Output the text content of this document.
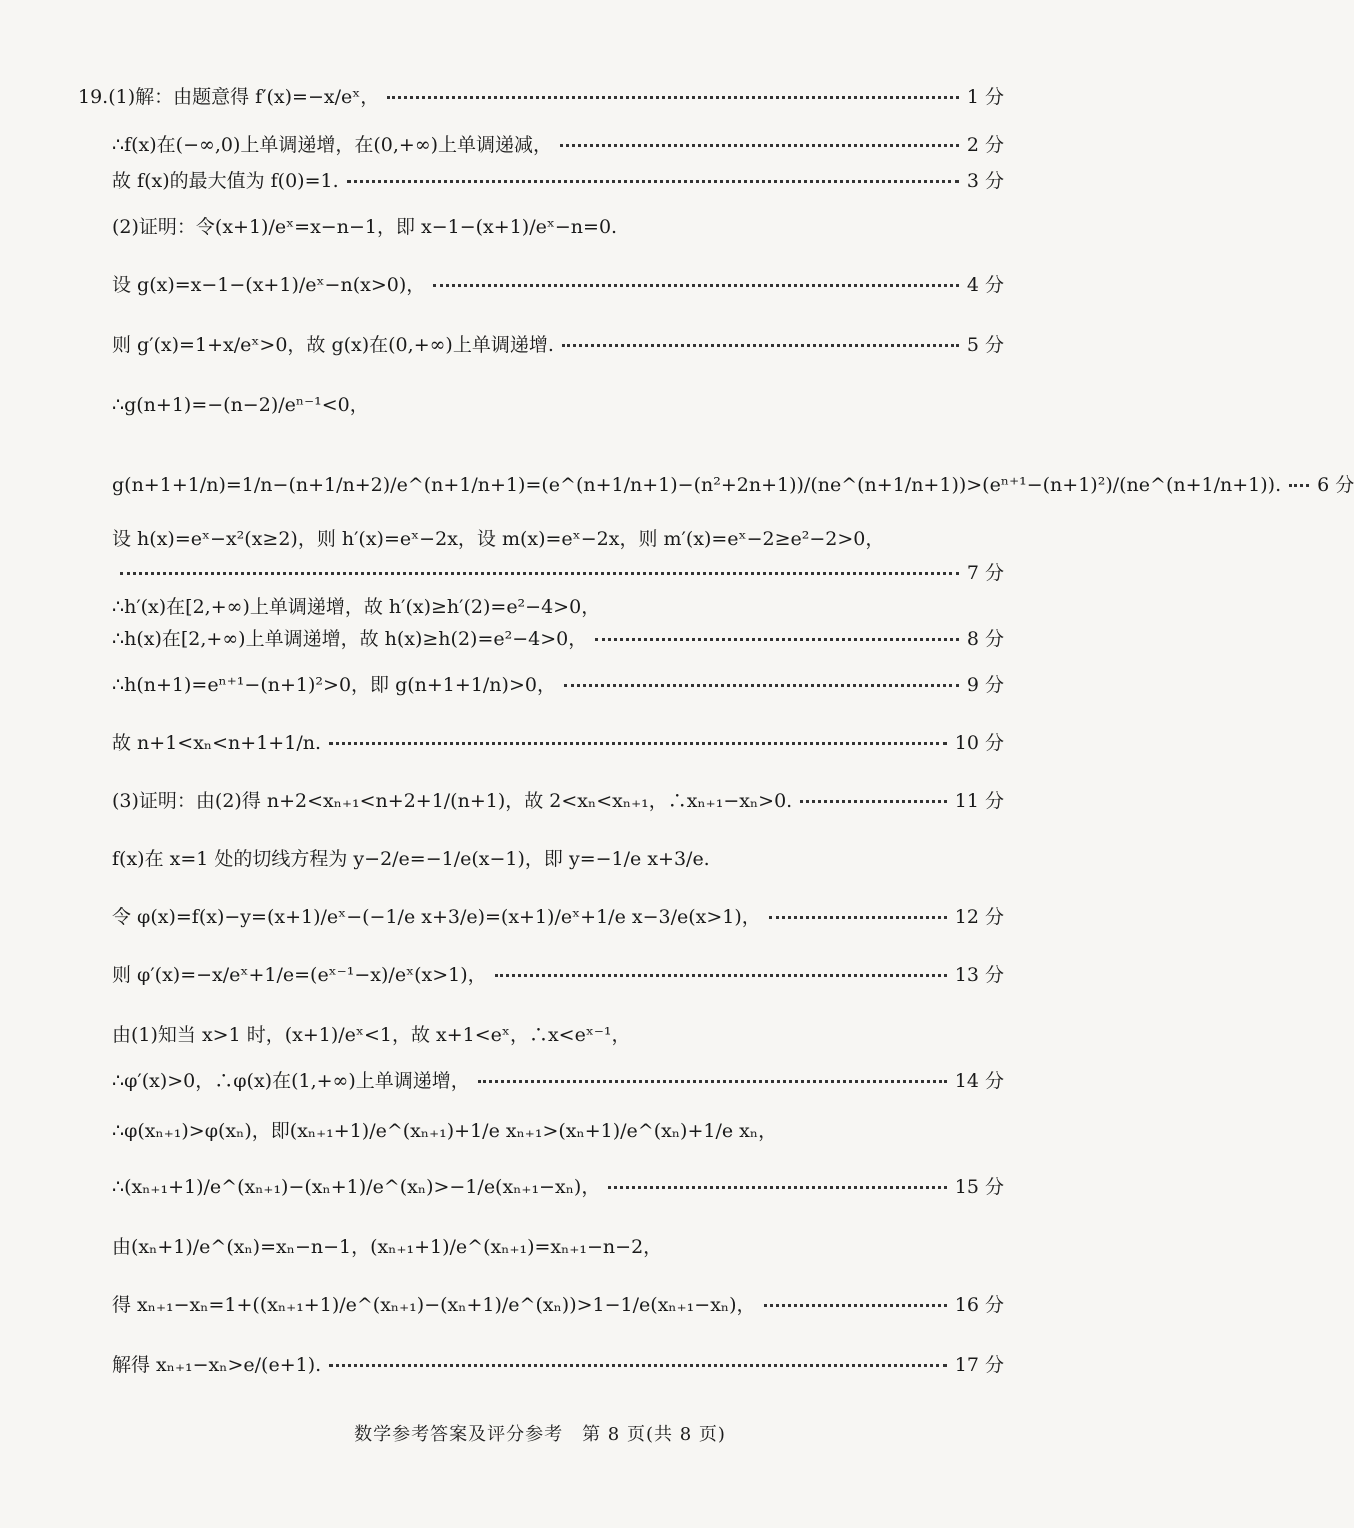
19.(1)解：由题意得 f′(x)=−x/eˣ，	1 分
∴f(x)在(−∞,0)上单调递增，在(0,+∞)上单调递减，	2 分
故 f(x)的最大值为 f(0)=1.	3 分
(2)证明：令(x+1)/eˣ=x−n−1，即 x−1−(x+1)/eˣ−n=0.
设 g(x)=x−1−(x+1)/eˣ−n(x>0)，	4 分
则 g′(x)=1+x/eˣ>0，故 g(x)在(0,+∞)上单调递增.	5 分
∴g(n+1)=−(n−2)/eⁿ⁻¹<0，
g(n+1+1/n)=1/n−(n+1/n+2)/e^(n+1/n+1)=(e^(n+1/n+1)−(n²+2n+1))/(ne^(n+1/n+1))>(eⁿ⁺¹−(n+1)²)/(ne^(n+1/n+1)). 6 分
设 h(x)=eˣ−x²(x≥2)，则 h′(x)=eˣ−2x，设 m(x)=eˣ−2x，则 m′(x)=eˣ−2≥e²−2>0，
7 分
∴h′(x)在[2,+∞)上单调递增，故 h′(x)≥h′(2)=e²−4>0，
∴h(x)在[2,+∞)上单调递增，故 h(x)≥h(2)=e²−4>0，	8 分
∴h(n+1)=eⁿ⁺¹−(n+1)²>0，即 g(n+1+1/n)>0，	9 分
故 n+1<xₙ<n+1+1/n.	10 分
(3)证明：由(2)得 n+2<xₙ₊₁<n+2+1/(n+1)，故 2<xₙ<xₙ₊₁，∴xₙ₊₁−xₙ>0.	11 分
f(x)在 x=1 处的切线方程为 y−2/e=−1/e(x−1)，即 y=−1/e x+3/e.
令 φ(x)=f(x)−y=(x+1)/eˣ−(−1/e x+3/e)=(x+1)/eˣ+1/e x−3/e(x>1)，	12 分
则 φ′(x)=−x/eˣ+1/e=(eˣ⁻¹−x)/eˣ(x>1)，	13 分
由(1)知当 x>1 时，(x+1)/eˣ<1，故 x+1<eˣ，∴x<eˣ⁻¹，
∴φ′(x)>0，∴φ(x)在(1,+∞)上单调递增，	14 分
∴φ(xₙ₊₁)>φ(xₙ)，即(xₙ₊₁+1)/e^(xₙ₊₁)+1/e xₙ₊₁>(xₙ+1)/e^(xₙ)+1/e xₙ，
∴(xₙ₊₁+1)/e^(xₙ₊₁)−(xₙ+1)/e^(xₙ)>−1/e(xₙ₊₁−xₙ)，	15 分
由(xₙ+1)/e^(xₙ)=xₙ−n−1，(xₙ₊₁+1)/e^(xₙ₊₁)=xₙ₊₁−n−2，
得 xₙ₊₁−xₙ=1+((xₙ₊₁+1)/e^(xₙ₊₁)−(xₙ+1)/e^(xₙ))>1−1/e(xₙ₊₁−xₙ)，	16 分
解得 xₙ₊₁−xₙ>e/(e+1).	17 分
数学参考答案及评分参考　第 8 页(共 8 页)
